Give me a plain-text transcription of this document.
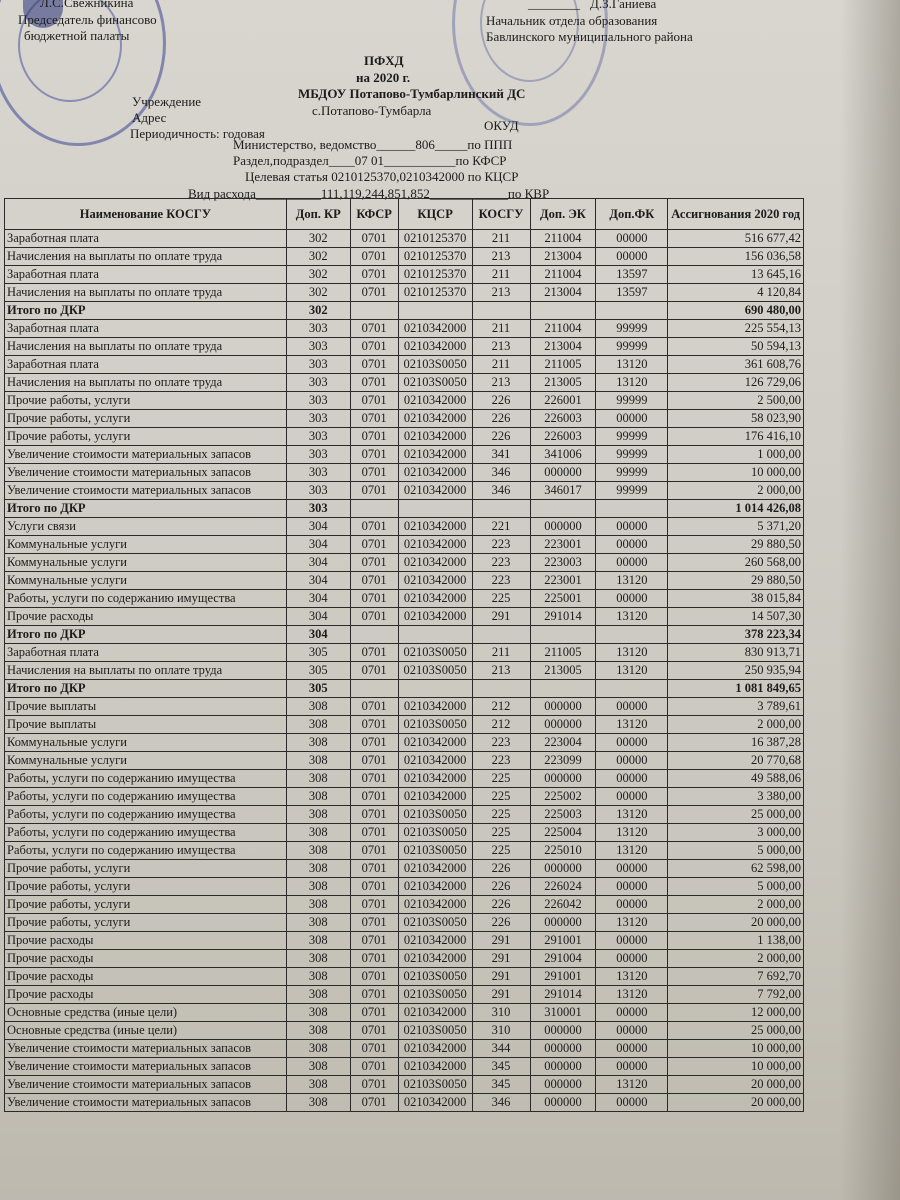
Л.С.Свежникина
Председатель финансово
бюджетной палаты
________ Д.З.Ганиева
Начальник отдела образования
Бавлинского муниципального района
ПФХД
на 2020 г.
МБДОУ Потапово-Тумбарлинский ДС
Учреждение
Адрес	с.Потапово-Тумбарла
Периодичность: годовая
ОКУД
Министерство, ведомство______806_____по ППП
Раздел,подраздел____07 01___________по КФСР
Целевая статья 0210125370,0210342000 по КЦСР
Вид расхода__________111,119,244,851,852____________по КВР
Наименование КОСГУ	Доп. КР	КФСР	КЦСР	КОСГУ	Доп. ЭК	Доп.ФК	Ассигнования 2020 год
Заработная плата	302	0701	0210125370	211	211004	00000	516 677,42
Начисления на выплаты по оплате труда	302	0701	0210125370	213	213004	00000	156 036,58
Заработная плата	302	0701	0210125370	211	211004	13597	13 645,16
Начисления на выплаты по оплате труда	302	0701	0210125370	213	213004	13597	4 120,84
Итого по ДКР	302						690 480,00
Заработная плата	303	0701	0210342000	211	211004	99999	225 554,13
Начисления на выплаты по оплате труда	303	0701	0210342000	213	213004	99999	50 594,13
Заработная плата	303	0701	02103S0050	211	211005	13120	361 608,76
Начисления на выплаты по оплате труда	303	0701	02103S0050	213	213005	13120	126 729,06
Прочие работы, услуги	303	0701	0210342000	226	226001	99999	2 500,00
Прочие работы, услуги	303	0701	0210342000	226	226003	00000	58 023,90
Прочие работы, услуги	303	0701	0210342000	226	226003	99999	176 416,10
Увеличение стоимости материальных запасов	303	0701	0210342000	341	341006	99999	1 000,00
Увеличение стоимости материальных запасов	303	0701	0210342000	346	000000	99999	10 000,00
Увеличение стоимости материальных запасов	303	0701	0210342000	346	346017	99999	2 000,00
Итого по ДКР	303						1 014 426,08
Услуги связи	304	0701	0210342000	221	000000	00000	5 371,20
Коммунальные услуги	304	0701	0210342000	223	223001	00000	29 880,50
Коммунальные услуги	304	0701	0210342000	223	223003	00000	260 568,00
Коммунальные услуги	304	0701	0210342000	223	223001	13120	29 880,50
Работы, услуги по содержанию имущества	304	0701	0210342000	225	225001	00000	38 015,84
Прочие расходы	304	0701	0210342000	291	291014	13120	14 507,30
Итого по ДКР	304						378 223,34
Заработная плата	305	0701	02103S0050	211	211005	13120	830 913,71
Начисления на выплаты по оплате труда	305	0701	02103S0050	213	213005	13120	250 935,94
Итого по ДКР	305						1 081 849,65
Прочие выплаты	308	0701	0210342000	212	000000	00000	3 789,61
Прочие выплаты	308	0701	02103S0050	212	000000	13120	2 000,00
Коммунальные услуги	308	0701	0210342000	223	223004	00000	16 387,28
Коммунальные услуги	308	0701	0210342000	223	223099	00000	20 770,68
Работы, услуги по содержанию имущества	308	0701	0210342000	225	000000	00000	49 588,06
Работы, услуги по содержанию имущества	308	0701	0210342000	225	225002	00000	3 380,00
Работы, услуги по содержанию имущества	308	0701	02103S0050	225	225003	13120	25 000,00
Работы, услуги по содержанию имущества	308	0701	02103S0050	225	225004	13120	3 000,00
Работы, услуги по содержанию имущества	308	0701	02103S0050	225	225010	13120	5 000,00
Прочие работы, услуги	308	0701	0210342000	226	000000	00000	62 598,00
Прочие работы, услуги	308	0701	0210342000	226	226024	00000	5 000,00
Прочие работы, услуги	308	0701	0210342000	226	226042	00000	2 000,00
Прочие работы, услуги	308	0701	02103S0050	226	000000	13120	20 000,00
Прочие расходы	308	0701	0210342000	291	291001	00000	1 138,00
Прочие расходы	308	0701	0210342000	291	291004	00000	2 000,00
Прочие расходы	308	0701	02103S0050	291	291001	13120	7 692,70
Прочие расходы	308	0701	02103S0050	291	291014	13120	7 792,00
Основные средства (иные цели)	308	0701	0210342000	310	310001	00000	12 000,00
Основные средства (иные цели)	308	0701	02103S0050	310	000000	00000	25 000,00
Увеличение стоимости материальных запасов	308	0701	0210342000	344	000000	00000	10 000,00
Увеличение стоимости материальных запасов	308	0701	0210342000	345	000000	00000	10 000,00
Увеличение стоимости материальных запасов	308	0701	02103S0050	345	000000	13120	20 000,00
Увеличение стоимости материальных запасов	308	0701	0210342000	346	000000	00000	20 000,00
